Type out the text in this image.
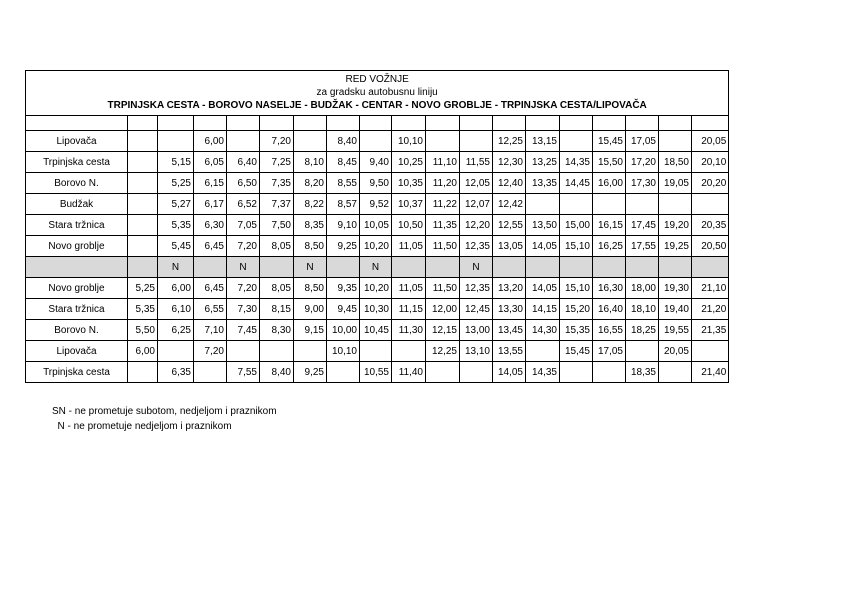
RED VOŽNJE
za gradsku autobusnu liniju
TRPINJSKA CESTA - BOROVO NASELJE - BUDŽAK - CENTAR - NOVO GROBLJE - TRPINJSKA CESTA/LIPOVAČA																		

Lipovača			6,00		7,20		8,40		10,10			12,25	13,15		15,45	17,05		20,05
Trpinjska cesta		5,15	6,05	6,40	7,25	8,10	8,45	9,40	10,25	11,10	11,55	12,30	13,25	14,35	15,50	17,20	18,50	20,10
Borovo N.		5,25	6,15	6,50	7,35	8,20	8,55	9,50	10,35	11,20	12,05	12,40	13,35	14,45	16,00	17,30	19,05	20,20
Budžak		5,27	6,17	6,52	7,37	8,22	8,57	9,52	10,37	11,22	12,07	12,42						
Stara tržnica		5,35	6,30	7,05	7,50	8,35	9,10	10,05	10,50	11,35	12,20	12,55	13,50	15,00	16,15	17,45	19,20	20,35
Novo groblje		5,45	6,45	7,20	8,05	8,50	9,25	10,20	11,05	11,50	12,35	13,05	14,05	15,10	16,25	17,55	19,25	20,50
		N		N		N		N			N							
Novo groblje	5,25	6,00	6,45	7,20	8,05	8,50	9,35	10,20	11,05	11,50	12,35	13,20	14,05	15,10	16,30	18,00	19,30	21,10
Stara tržnica	5,35	6,10	6,55	7,30	8,15	9,00	9,45	10,30	11,15	12,00	12,45	13,30	14,15	15,20	16,40	18,10	19,40	21,20
Borovo N.	5,50	6,25	7,10	7,45	8,30	9,15	10,00	10,45	11,30	12,15	13,00	13,45	14,30	15,35	16,55	18,25	19,55	21,35
Lipovača	6,00		7,20				10,10			12,25	13,10	13,55		15,45	17,05		20,05	
Trpinjska cesta		6,35		7,55	8,40	9,25		10,55	11,40			14,05	14,35			18,35		21,40
SN - ne prometuje subotom, nedjeljom i praznikom
N - ne prometuje nedjeljom i praznikom
